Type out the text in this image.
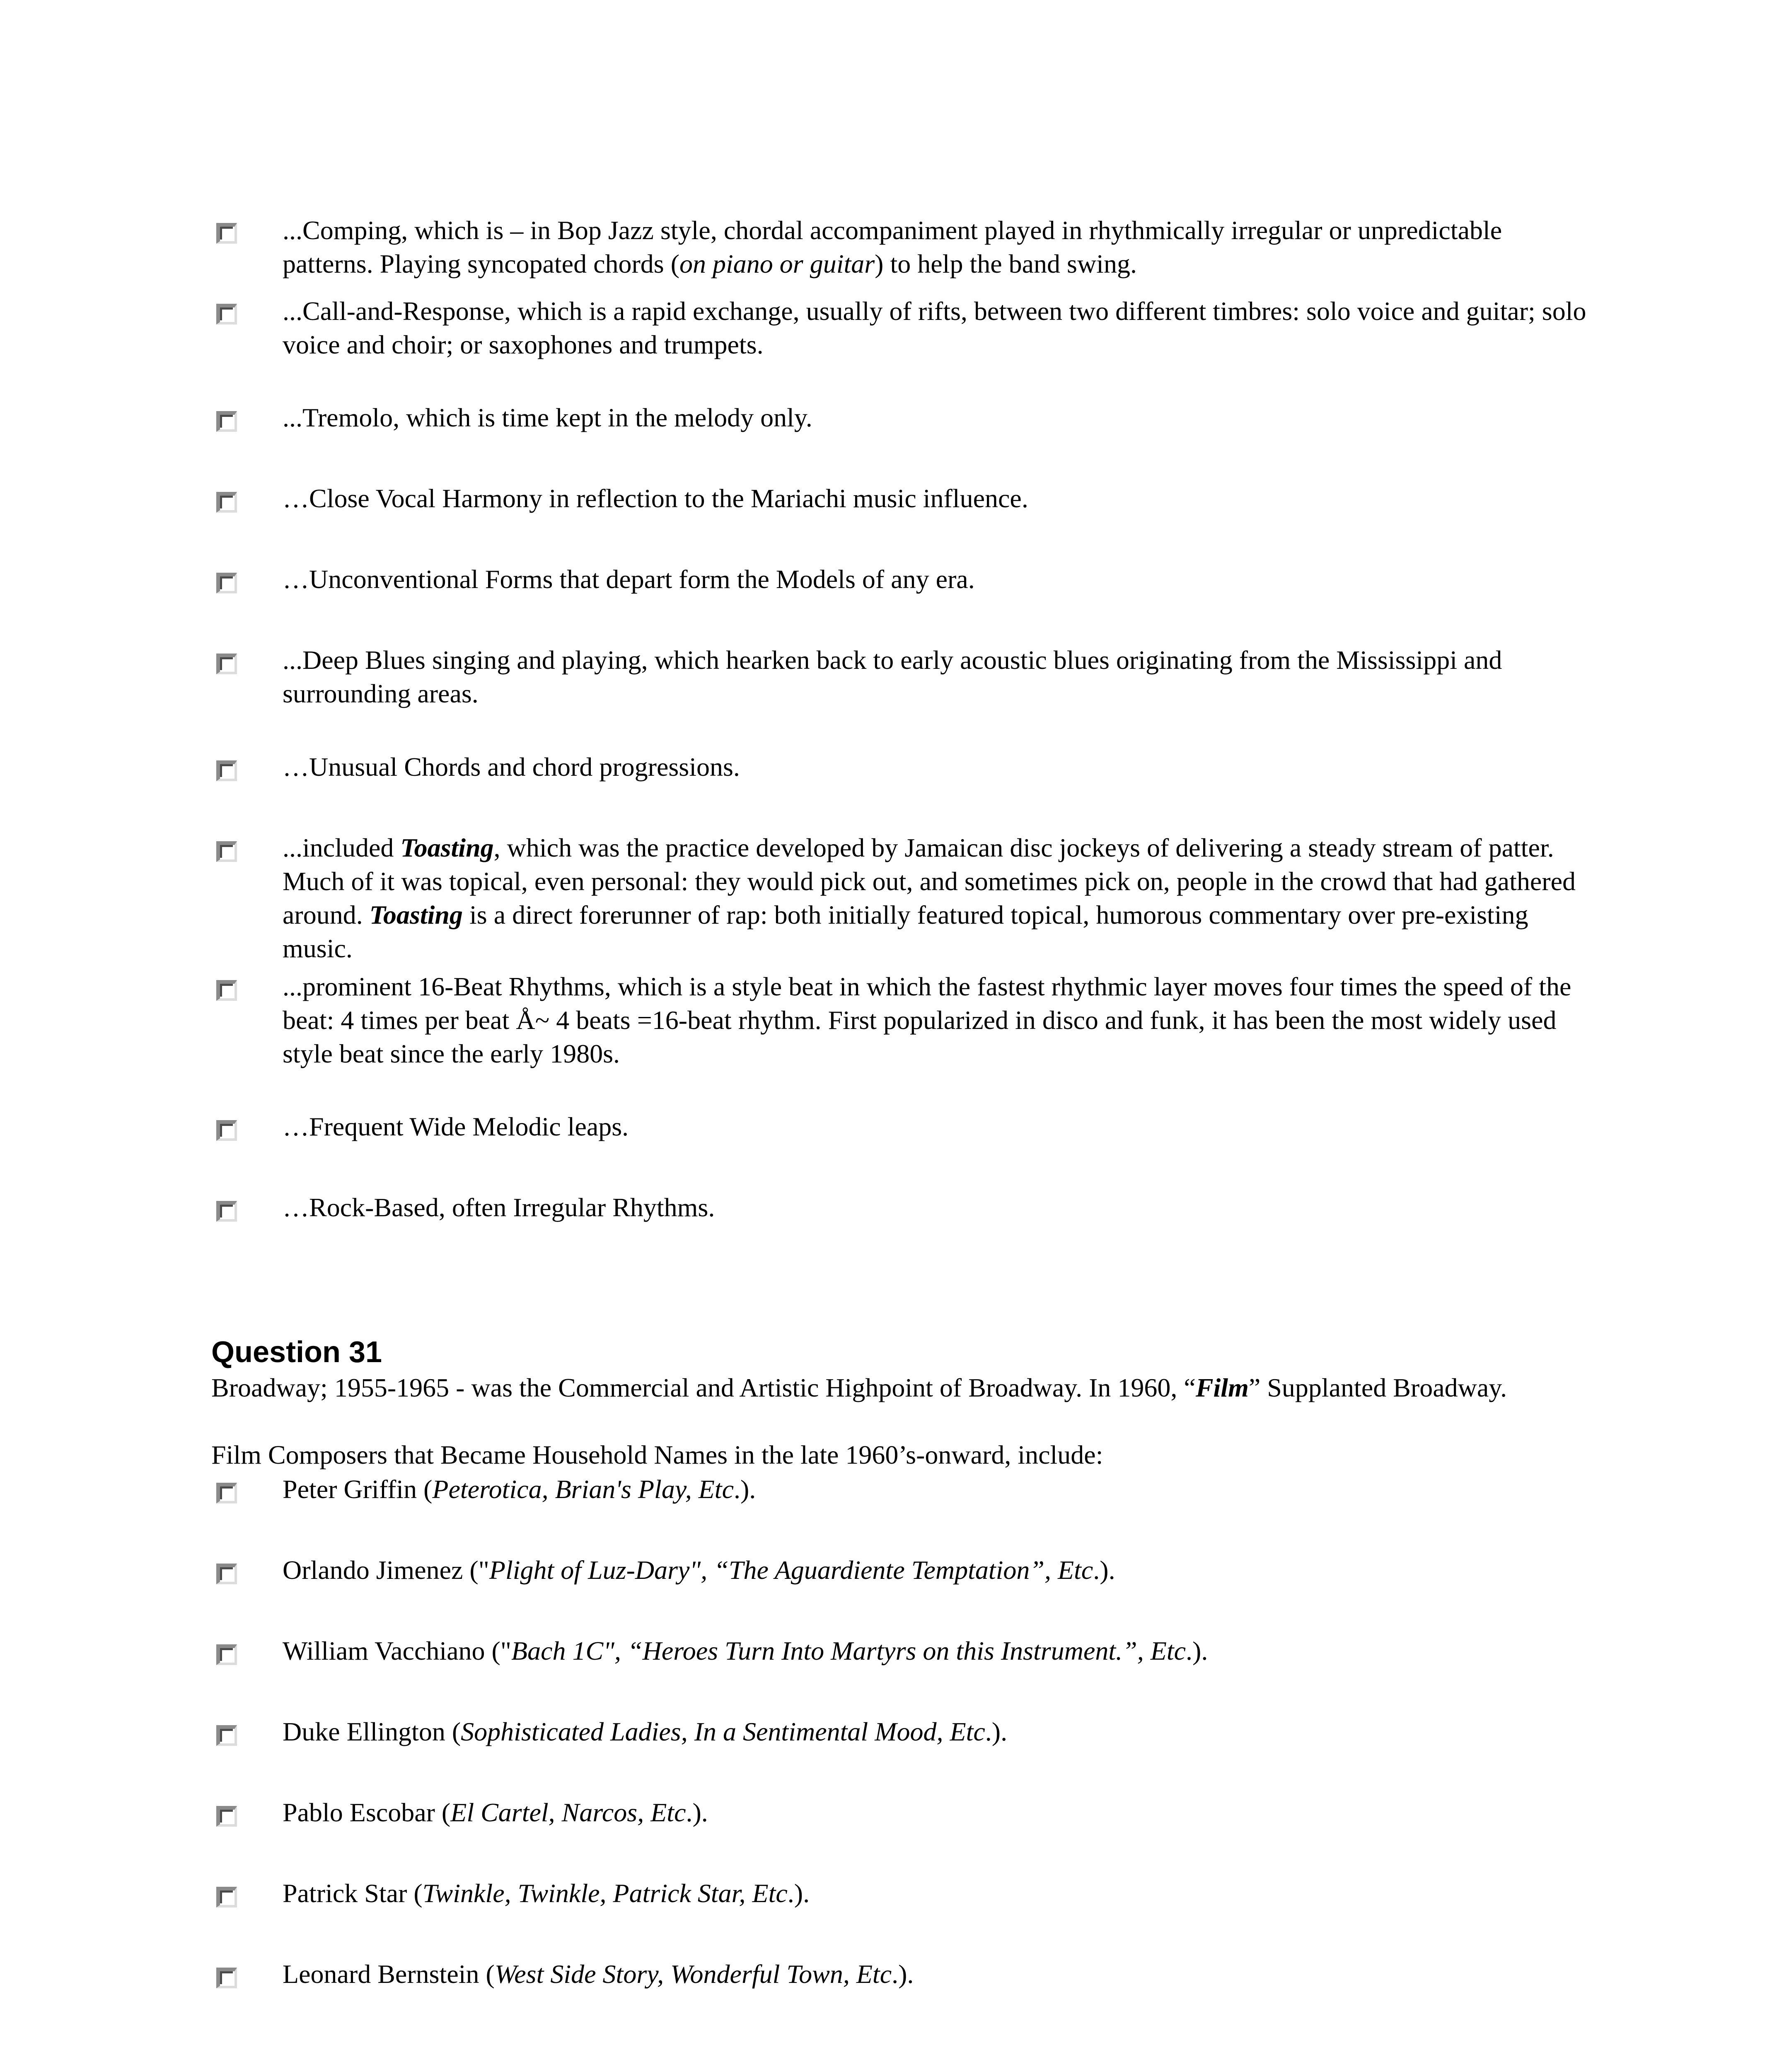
...Comping, which is – in Bop Jazz style, chordal accompaniment played in rhythmically irregular or unpredictable patterns. Playing syncopated chords (on piano or guitar) to help the band swing.
...Call-and-Response, which is a rapid exchange, usually of rifts, between two different timbres: solo voice and guitar; solo voice and choir; or saxophones and trumpets.
...Tremolo, which is time kept in the melody only.
…Close Vocal Harmony in reflection to the Mariachi music influence.
…Unconventional Forms that depart form the Models of any era.
...Deep Blues singing and playing, which hearken back to early acoustic blues originating from the Mississippi and surrounding areas.
…Unusual Chords and chord progressions.
...included Toasting, which was the practice developed by Jamaican disc jockeys of delivering a steady stream of patter. Much of it was topical, even personal: they would pick out, and sometimes pick on, people in the crowd that had gathered around. Toasting is a direct forerunner of rap: both initially featured topical, humorous commentary over pre-existing music.
...prominent 16-Beat Rhythms, which is a style beat in which the fastest rhythmic layer moves four times the speed of the beat: 4 times per beat Å~ 4 beats =16-beat rhythm. First popularized in disco and funk, it has been the most widely used style beat since the early 1980s.
…Frequent Wide Melodic leaps.
…Rock-Based, often Irregular Rhythms.
Question 31
Broadway; 1955-1965 - was the Commercial and Artistic Highpoint of Broadway. In 1960, “Film” Supplanted Broadway.
Film Composers that Became Household Names in the late 1960’s-onward, include:
Peter Griffin (Peterotica, Brian's Play, Etc.).
Orlando Jimenez ("Plight of Luz-Dary", “The Aguardiente Temptation”, Etc.).
William Vacchiano ("Bach 1C", “Heroes Turn Into Martyrs on this Instrument.”, Etc.).
Duke Ellington (Sophisticated Ladies, In a Sentimental Mood, Etc.).
Pablo Escobar (El Cartel, Narcos, Etc.).
Patrick Star (Twinkle, Twinkle, Patrick Star, Etc.).
Leonard Bernstein (West Side Story, Wonderful Town, Etc.).
